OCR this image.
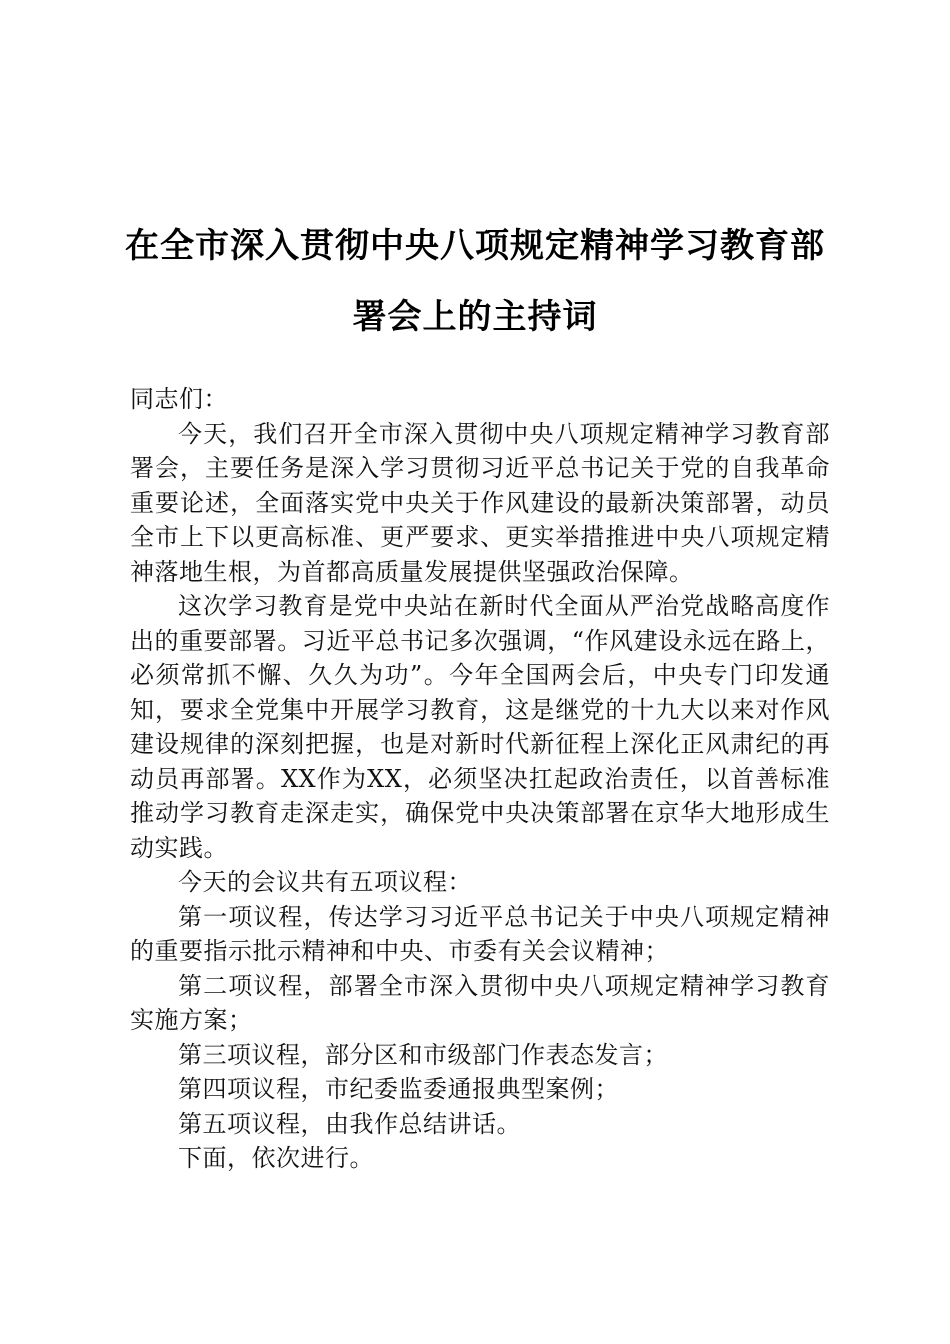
在全市深入贯彻中央八项规定精神学习教育部
署会上的主持词

同志们：

今天，我们召开全市深入贯彻中央八项规定精神学习教育部署会，主要任务是深入学习贯彻习近平总书记关于党的自我革命重要论述，全面落实党中央关于作风建设的最新决策部署，动员全市上下以更高标准、更严要求、更实举措推进中央八项规定精神落地生根，为首都高质量发展提供坚强政治保障。

这次学习教育是党中央站在新时代全面从严治党战略高度作出的重要部署。习近平总书记多次强调，“作风建设永远在路上，必须常抓不懈、久久为功”。今年全国两会后，中央专门印发通知，要求全党集中开展学习教育，这是继党的十九大以来对作风建设规律的深刻把握，也是对新时代新征程上深化正风肃纪的再动员再部署。XX作为XX，必须坚决扛起政治责任，以首善标准推动学习教育走深走实，确保党中央决策部署在京华大地形成生动实践。

今天的会议共有五项议程：

第一项议程，传达学习习近平总书记关于中央八项规定精神的重要指示批示精神和中央、市委有关会议精神；

第二项议程，部署全市深入贯彻中央八项规定精神学习教育实施方案；

第三项议程，部分区和市级部门作表态发言；

第四项议程，市纪委监委通报典型案例；

第五项议程，由我作总结讲话。

下面，依次进行。
